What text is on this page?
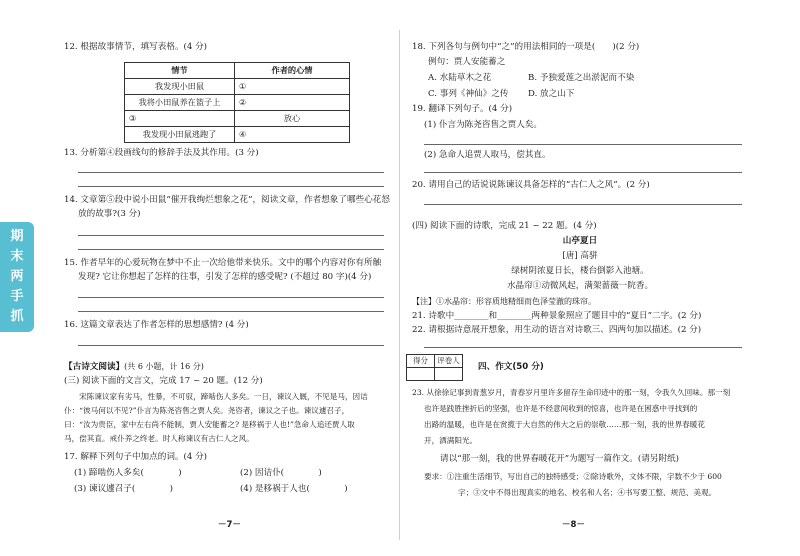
期
末
两
手
抓
12. 根据故事情节，填写表格。(4 分)
情节	作者的心情
我发现小田鼠	①
我将小田鼠养在篮子上	②
③	放心
我发现小田鼠逃跑了	④
13. 分析第④段画线句的修辞手法及其作用。(3 分)
14. 文章第⑤段中说小田鼠“催开我绚烂想象之花”，阅读文章，作者想象了哪些心花怒
放的故事?(3 分)
15. 作者早年的心爱玩物在梦中不止一次给他带来快乐。文中的哪个内容对你有所触
发现? 它让你想起了怎样的往事，引发了怎样的感受呢? (不超过 80 字)(4 分)
16. 这篇文章表达了作者怎样的思想感情? (4 分)
【古诗文阅读】(共 6 小题，计 16 分)
(三) 阅读下面的文言文，完成 17 ~ 20 题。(12 分)
　　宋陈谏议家有劣马，性暴，不可驭，蹄啮伤人多矣。一日，谏议入厩，不见是马，因诘
仆：“彼马何以不见?”仆言为陈尧咨售之贾人矣。尧咨者，谏议之子也。谏议遽召子，
曰：“汝为贵臣，家中左右尚不能制，贾人安能蓄之? 是移祸于人也!”急命人追还贾人取
马，偿其直。戒仆养之终老。时人称谏议有古仁人之风。
17. 解释下列句子中加点的词。(4 分)
(1) 蹄啮伤人多矣(　　　　)	(2) 因诘仆(　　　　)
(3) 谏议遽召子(　　　　)	(4) 是移祸于人也(　　　　)
－7－
18. 下列各句与例句中“之”的用法相同的一项是(　　)(2 分)
例句：贾人安能蓄之
A. 水陆草木之花	B. 予独爱莲之出淤泥而不染
C. 事列《神仙》之传 D. 放之山下
19. 翻译下列句子。(4 分)
(1) 仆言为陈尧咨售之贾人矣。
(2) 急命人追贾人取马，偿其直。
20. 请用自己的话说说陈谏议具备怎样的“古仁人之风”。(2 分)
(四) 阅读下面的诗歌，完成 21 ~ 22 题。(4 分)
山亭夏日
[唐] 高骈
绿树阴浓夏日长，楼台倒影入池塘。
水晶帘①动微风起，满架蔷薇一院香。
【注】①水晶帘：形容质地精细而色泽莹澈的珠帘。
21. 诗歌中________和________两种景象照应了题目中的“夏日”二字。(2 分)
22. 请根据诗意展开想象，用生动的语言对诗歌三、四两句加以描述。(2 分)
得分	评卷人

四、作文(50 分)
23. 从徐徐记事到青葱岁月，青春岁月里许多留存生命印迹中的那一刻，令我久久回味。那一刻
也许是践胜挫折后的坚强，也许是不经意间收到的惊喜，也许是在困惑中寻找到的
出路的温暖，也许是在赏揽于大自然的伟大之后的崇敬……那一刻，我的世界春暖花
开，洒满阳光。
请以“那一刻，我的世界春暖花开”为题写一篇作文。(请另附纸)
要求：①注重生活细节，写出自己的独特感受；②除诗歌外，文体不限，字数不少于 600
字；③文中不得出现真实的地名、校名和人名；④书写要工整、规范、美观。
－8－
